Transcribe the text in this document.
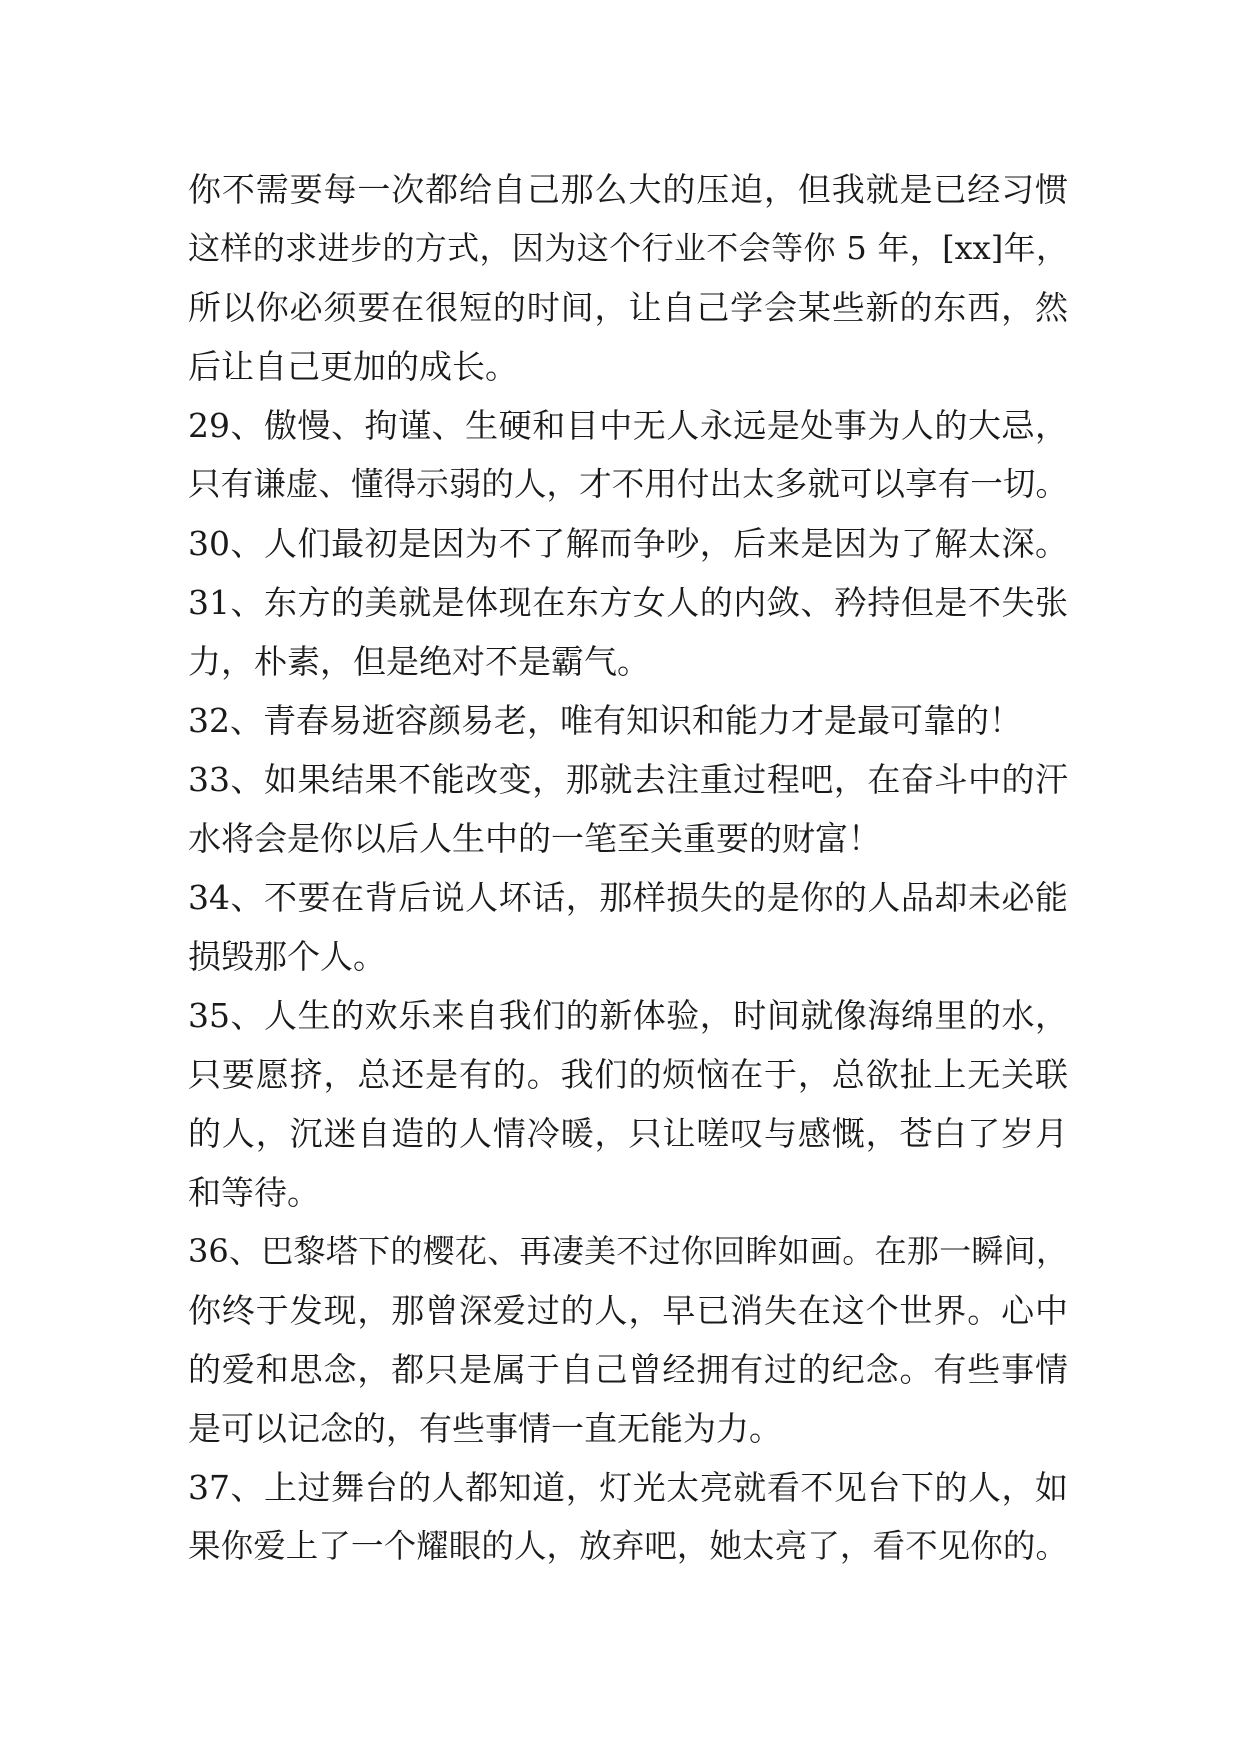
你不需要每一次都给自己那么大的压迫，但我就是已经习惯
这样的求进步的方式，因为这个行业不会等你 5 年，[xx]年，
所以你必须要在很短的时间，让自己学会某些新的东西，然
后让自己更加的成长。
29、傲慢、拘谨、生硬和目中无人永远是处事为人的大忌，
只有谦虚、懂得示弱的人，才不用付出太多就可以享有一切。
30、人们最初是因为不了解而争吵，后来是因为了解太深。
31、东方的美就是体现在东方女人的内敛、矜持但是不失张
力，朴素，但是绝对不是霸气。
32、青春易逝容颜易老，唯有知识和能力才是最可靠的！
33、如果结果不能改变，那就去注重过程吧，在奋斗中的汗
水将会是你以后人生中的一笔至关重要的财富！
34、不要在背后说人坏话，那样损失的是你的人品却未必能
损毁那个人。
35、人生的欢乐来自我们的新体验，时间就像海绵里的水，
只要愿挤，总还是有的。我们的烦恼在于，总欲扯上无关联
的人，沉迷自造的人情冷暖，只让嗟叹与感慨，苍白了岁月
和等待。
36、巴黎塔下的樱花、再凄美不过你回眸如画。在那一瞬间，
你终于发现，那曾深爱过的人，早已消失在这个世界。心中
的爱和思念，都只是属于自己曾经拥有过的纪念。有些事情
是可以记念的，有些事情一直无能为力。
37、上过舞台的人都知道，灯光太亮就看不见台下的人，如
果你爱上了一个耀眼的人，放弃吧，她太亮了，看不见你的。
